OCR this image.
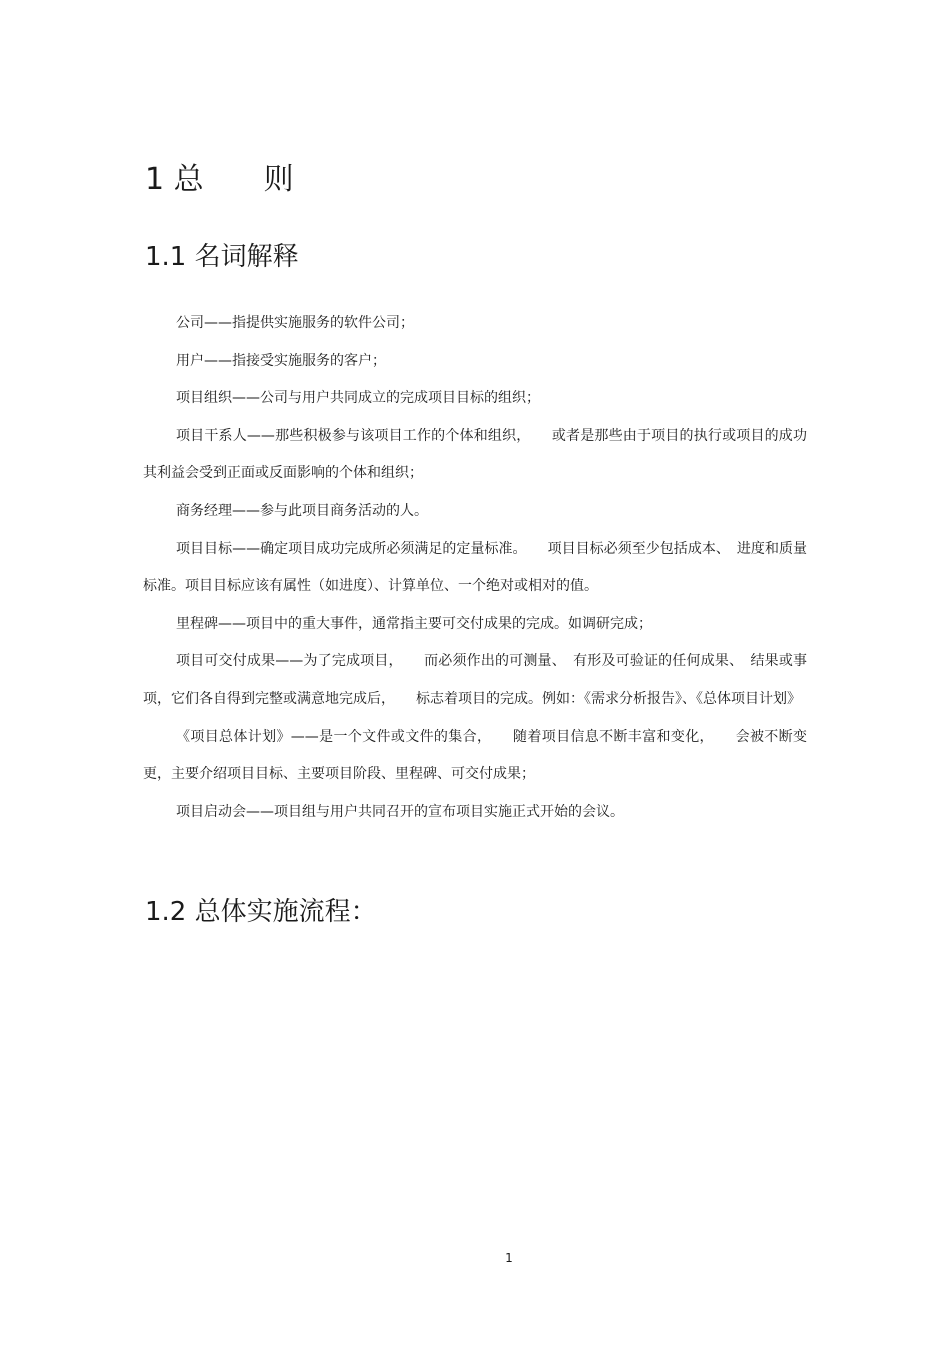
1 总　　则
1.1 名词解释

公司——指提供实施服务的软件公司；

用户——指接受实施服务的客户；

项目组织——公司与用户共同成立的完成项目目标的组织；

项目干系人——那些积极参与该项目工作的个体和组织，　　或者是那些由于项目的执行或项目的成功其利益会受到正面或反面影响的个体和组织；

商务经理——参与此项目商务活动的人。

项目目标——确定项目成功完成所必须满足的定量标准。　　项目目标必须至少包括成本、　进度和质量标准。项目目标应该有属性（如进度）、计算单位、一个绝对或相对的值。

里程碑——项目中的重大事件，通常指主要可交付成果的完成。如调研完成；

项目可交付成果——为了完成项目，　　而必须作出的可测量、　有形及可验证的任何成果、　结果或事项，它们各自得到完整或满意地完成后，　　标志着项目的完成。例如：《需求分析报告》、《总体项目计划》

《项目总体计划》——是一个文件或文件的集合，　　随着项目信息不断丰富和变化，　　会被不断变更，主要介绍项目目标、主要项目阶段、里程碑、可交付成果；

项目启动会——项目组与用户共同召开的宣布项目实施正式开始的会议。

1.2 总体实施流程：
1
